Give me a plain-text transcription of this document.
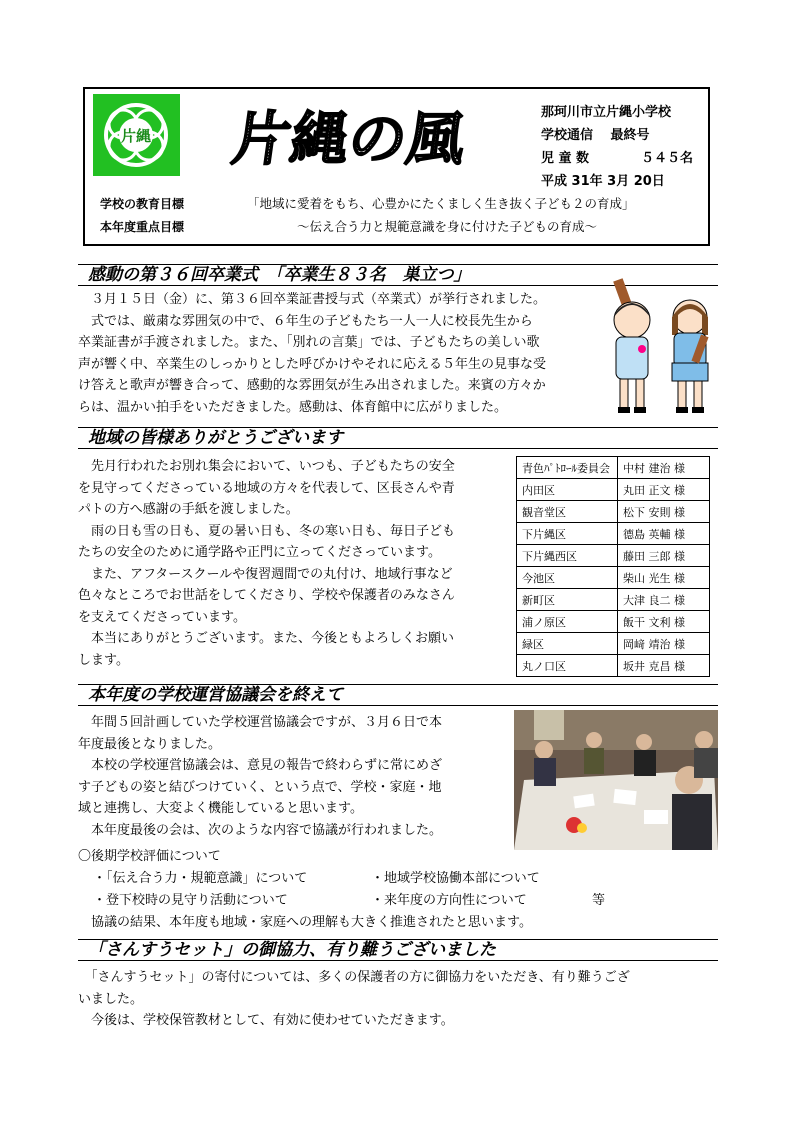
片縄 片縄の風	那珂川市立片縄小学校
学校通信　 最終号
児 童 数	５４５名
平成 31年 3月 20日
学校の教育目標	「地域に愛着をもち、心豊かにたくましく生き抜く子ども２の育成」
本年度重点目標	～伝え合う力と規範意識を身に付けた子どもの育成～
感動の第３６回卒業式　「卒業生８３名　巣立つ」
　３月１５日（金）に、第３６回卒業証書授与式（卒業式）が挙行されました。
　式では、厳粛な雰囲気の中で、６年生の子どもたち一人一人に校長先生から
卒業証書が手渡されました。また、「別れの言葉」では、子どもたちの美しい歌
声が響く中、卒業生のしっかりとした呼びかけやそれに応える５年生の見事な受
け答えと歌声が響き合って、感動的な雰囲気が生み出されました。来賓の方々か
らは、温かい拍手をいただきました。感動は、体育館中に広がりました。
地域の皆様ありがとうございます
　先月行われたお別れ集会において、いつも、子どもたちの安全
を見守ってくださっている地域の方々を代表して、区長さんや青
パトの方へ感謝の手紙を渡しました。
　雨の日も雪の日も、夏の暑い日も、冬の寒い日も、毎日子ども
たちの安全のために通学路や正門に立ってくださっています。
　また、アフタースクールや復習週間での丸付け、地域行事など
色々なところでお世話をしてくださり、学校や保護者のみなさん
を支えてくださっています。
　本当にありがとうございます。また、今後ともよろしくお願い
します。
青色ﾊﾟﾄﾛｰﾙ委員会	中村 建治 様
内田区	丸田 正文 様
観音堂区	松下 安則 様
下片縄区	德島 英輔 様
下片縄西区	藤田 三郎 様
今池区	柴山 光生 様
新町区	大津 良二 様
浦ノ原区	飯干 文利 様
緑区	岡﨑 靖治 様
丸ノ口区	坂井 克昌 様
本年度の学校運営協議会を終えて
　年間５回計画していた学校運営協議会ですが、３月６日で本
年度最後となりました。
　本校の学校運営協議会は、意見の報告で終わらずに常にめざ
す子どもの姿と結びつけていく、という点で、学校・家庭・地
域と連携し、大変よく機能していると思います。
　本年度最後の会は、次のような内容で協議が行われました。
〇後期学校評価について
・「伝え合う力・規範意識」について	・地域学校協働本部について
・登下校時の見守り活動について	・来年度の方向性について	等
　協議の結果、本年度も地域・家庭への理解も大きく推進されたと思います。
「さんすうセット」の御協力、有り難うございました
　「さんすうセット」の寄付については、多くの保護者の方に御協力をいただき、有り難うござ
いました。
　今後は、学校保管教材として、有効に使わせていただきます。
